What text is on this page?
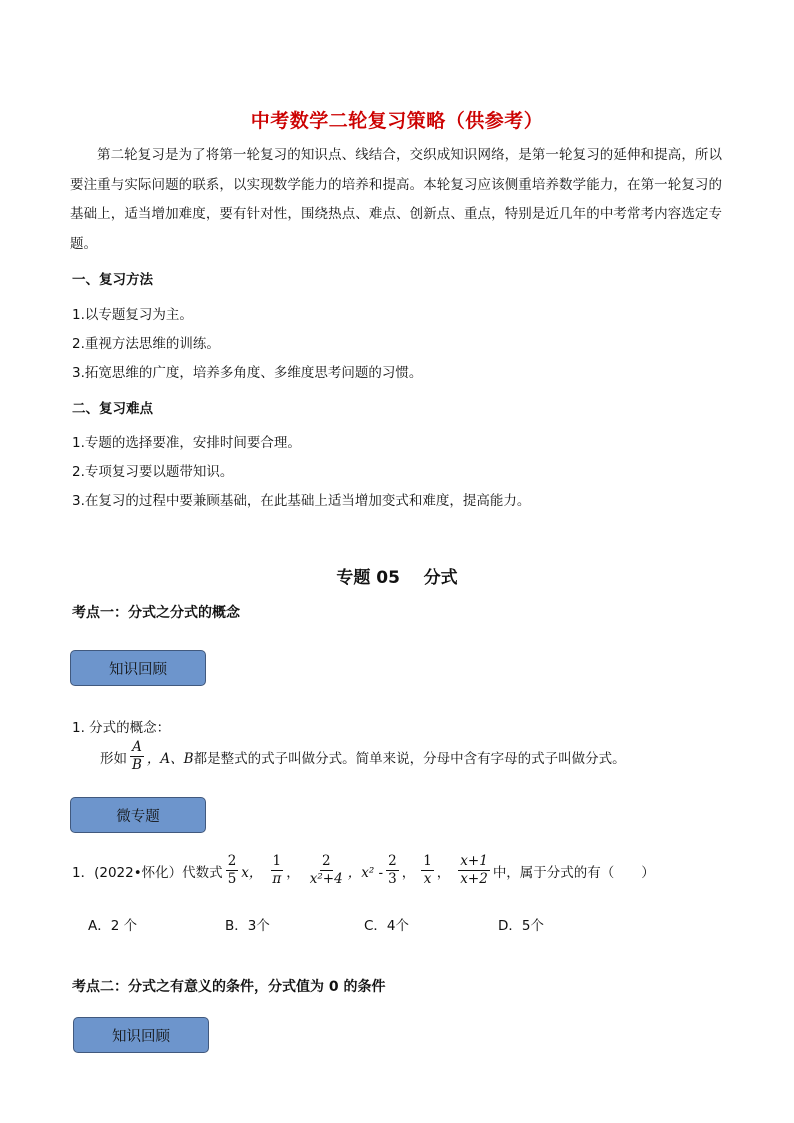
中考数学二轮复习策略（供参考）
第二轮复习是为了将第一轮复习的知识点、线结合，交织成知识网络，是第一轮复习的延伸和提高，所以要注重与实际问题的联系，以实现数学能力的培养和提高。本轮复习应该侧重培养数学能力，在第一轮复习的基础上，适当增加难度，要有针对性，围绕热点、难点、创新点、重点，特别是近几年的中考常考内容选定专题。
一、复习方法
1.以专题复习为主。
2.重视方法思维的训练。
3.拓宽思维的广度，培养多角度、多维度思考问题的习惯。
二、复习难点
1.专题的选择要准，安排时间要合理。
2.专项复习要以题带知识。
3.在复习的过程中要兼顾基础，在此基础上适当增加变式和难度，提高能力。
专题 05    分式
考点一：分式之分式的概念
知识回顾
1. 分式的概念：
形如 $\frac{A}{B}$ ，A、B 都是整式的式子叫做分式。简单来说，分母中含有字母的式子叫做分式。
微专题
1．(2022•怀化）代数式 $\frac{2}{5}$ x， $\frac{1}{\pi}$ ， $\frac{2}{\text{x²+4}}$ ，$x^2 - \frac{2}{3}$ ， $\frac{1}{x}$ ， $\frac{x+1}{x+2}$ 中，属于分式的有（　　）
A．2 个	B．3个	C．4个	D．5个
考点二：分式之有意义的条件，分式值为 0 的条件
知识回顾
